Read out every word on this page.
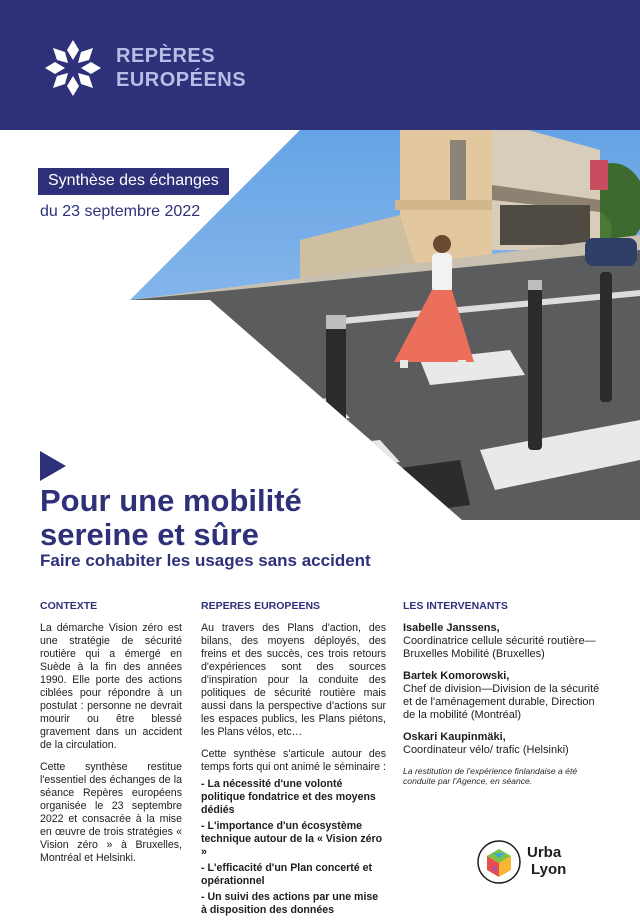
REPÈRES
EUROPÉENS
Synthèse des échanges
du 23 septembre 2022
Pour une mobilité
sereine et sûre
Faire cohabiter les usages sans accident
CONTEXTE

La démarche Vision zéro est une stratégie de sécurité routière qui a émergé en Suède à la fin des années 1990. Elle porte des actions ciblées pour répondre à un postulat : personne ne devrait mourir ou être blessé gravement dans un accident de la circulation.

Cette synthèse restitue l'essentiel des échanges de la séance Repères européens organisée le 23 septembre 2022 et consacrée à la mise en œuvre de trois stratégies « Vision zéro » à Bruxelles, Montréal et Helsinki.

REPERES EUROPEENS

Au travers des Plans d'action, des bilans, des moyens déployés, des freins et des succès, ces trois retours d'expériences sont des sources d'inspiration pour la conduite des politiques de sécurité routière mais aussi dans la perspective d'actions sur les espaces publics, les Plans piétons, les Plans vélos, etc…

Cette synthèse s'articule autour des temps forts qui ont animé le séminaire :

- La nécessité d'une volonté politique fondatrice et des moyens dédiés
- L'importance d'un écosystème technique autour de la « Vision zéro »
- L'efficacité d'un Plan concerté et opérationnel
- Un suivi des actions par une mise à disposition des données
LES INTERVENANTS
Isabelle Janssens,
Coordinatrice cellule sécurité routière—Bruxelles Mobilité (Bruxelles)
Bartek Komorowski,
Chef de division—Division de la sécurité et de l'aménagement durable, Direction de la mobilité (Montréal)
Oskari Kaupinmäki,
Coordinateur vélo/ trafic (Helsinki)
La restitution de l'expérience finlandaise a été conduite par l'Agence, en séance.
Urba
Lyon
